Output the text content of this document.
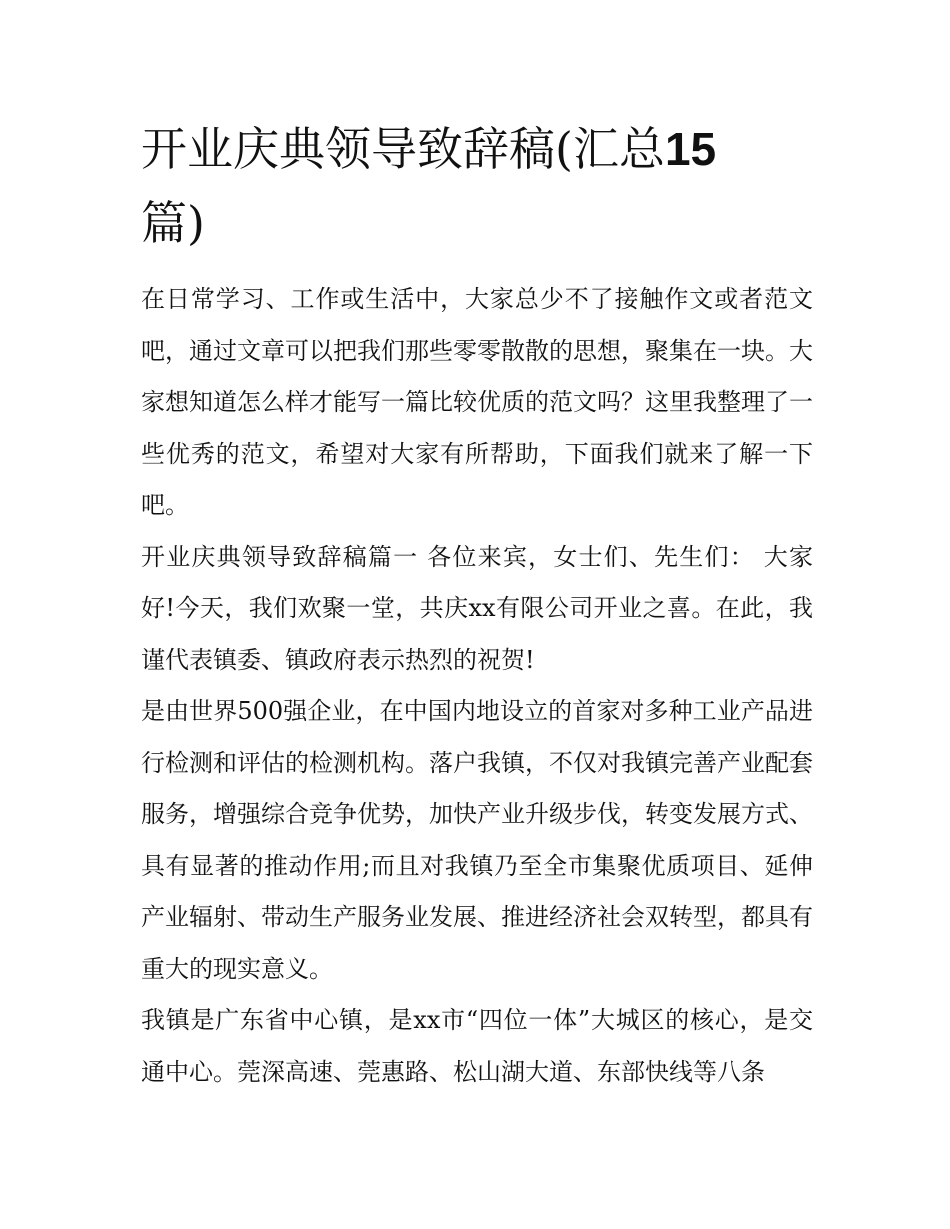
开业庆典领导致辞稿(汇总15
篇)

在日常学习、工作或生活中，大家总少不了接触作文或者范文吧，通过文章可以把我们那些零零散散的思想，聚集在一块。大家想知道怎么样才能写一篇比较优质的范文吗？这里我整理了一些优秀的范文，希望对大家有所帮助，下面我们就来了解一下吧。

开业庆典领导致辞稿篇一 各位来宾，女士们、先生们： 大家好!今天，我们欢聚一堂，共庆xx有限公司开业之喜。在此，我谨代表镇委、镇政府表示热烈的祝贺!

是由世界500强企业，在中国内地设立的首家对多种工业产品进行检测和评估的检测机构。落户我镇，不仅对我镇完善产业配套服务，增强综合竞争优势，加快产业升级步伐，转变发展方式、具有显著的推动作用;而且对我镇乃至全市集聚优质项目、延伸产业辐射、带动生产服务业发展、推进经济社会双转型，都具有重大的现实意义。

我镇是广东省中心镇，是xx市“四位一体”大城区的核心，是交通中心。莞深高速、莞惠路、松山湖大道、东部快线等八条
